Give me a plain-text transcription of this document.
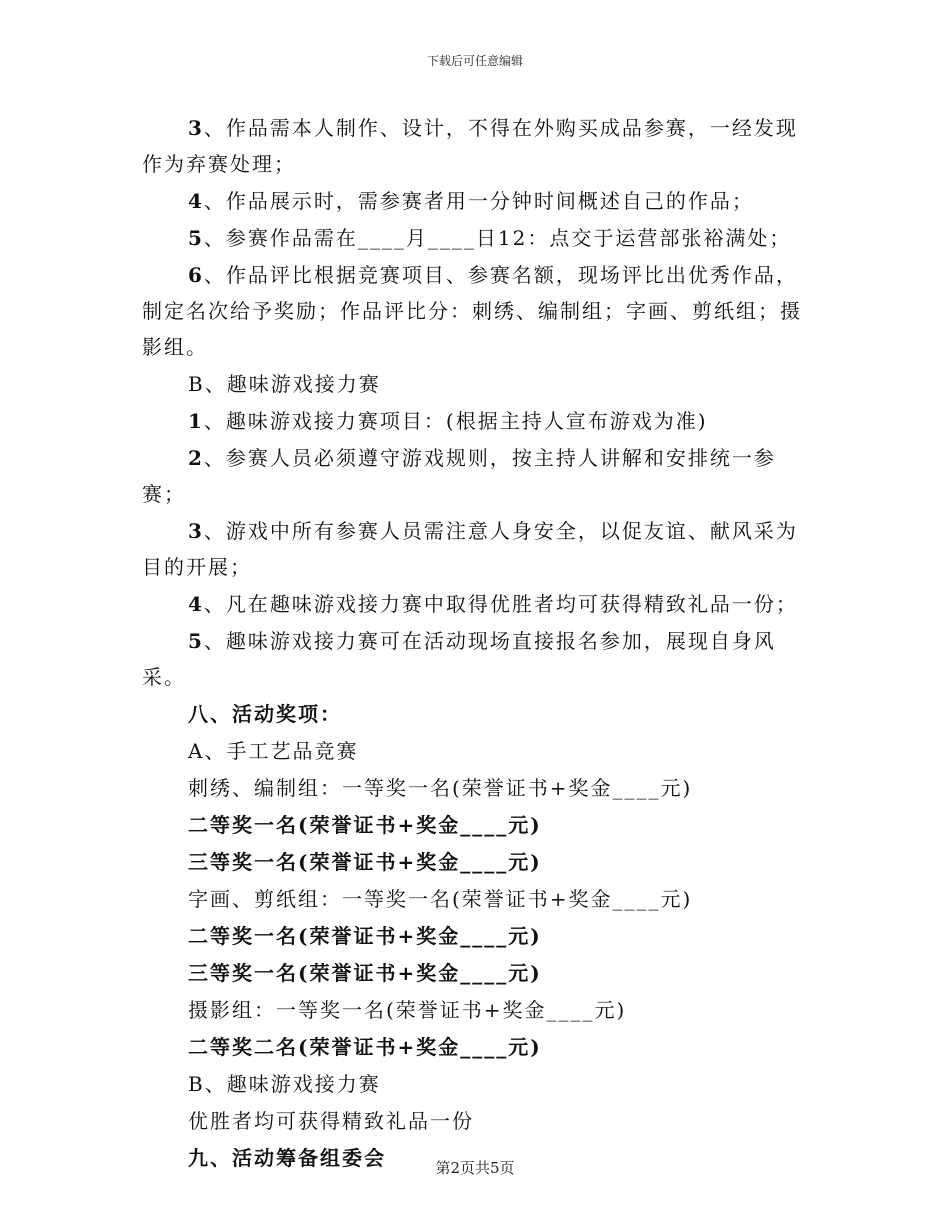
下载后可任意编辑
3、作品需本人制作、设计，不得在外购买成品参赛，一经发现作为弃赛处理；
4、作品展示时，需参赛者用一分钟时间概述自己的作品；
5、参赛作品需在____月____日12：点交于运营部张裕满处；
6、作品评比根据竞赛项目、参赛名额，现场评比出优秀作品，制定名次给予奖励；作品评比分：刺绣、编制组；字画、剪纸组；摄影组。
B、趣味游戏接力赛
1、趣味游戏接力赛项目：(根据主持人宣布游戏为准)
2、参赛人员必须遵守游戏规则，按主持人讲解和安排统一参赛；
3、游戏中所有参赛人员需注意人身安全，以促友谊、献风采为目的开展；
4、凡在趣味游戏接力赛中取得优胜者均可获得精致礼品一份；
5、趣味游戏接力赛可在活动现场直接报名参加，展现自身风采。
八、活动奖项：
A、手工艺品竞赛
刺绣、编制组：一等奖一名(荣誉证书+奖金____元)
二等奖一名(荣誉证书+奖金____元)
三等奖一名(荣誉证书+奖金____元)
字画、剪纸组：一等奖一名(荣誉证书+奖金____元)
二等奖一名(荣誉证书+奖金____元)
三等奖一名(荣誉证书+奖金____元)
摄影组：一等奖一名(荣誉证书+奖金____元)
二等奖二名(荣誉证书+奖金____元)
B、趣味游戏接力赛
优胜者均可获得精致礼品一份
九、活动筹备组委会	第2页共5页
